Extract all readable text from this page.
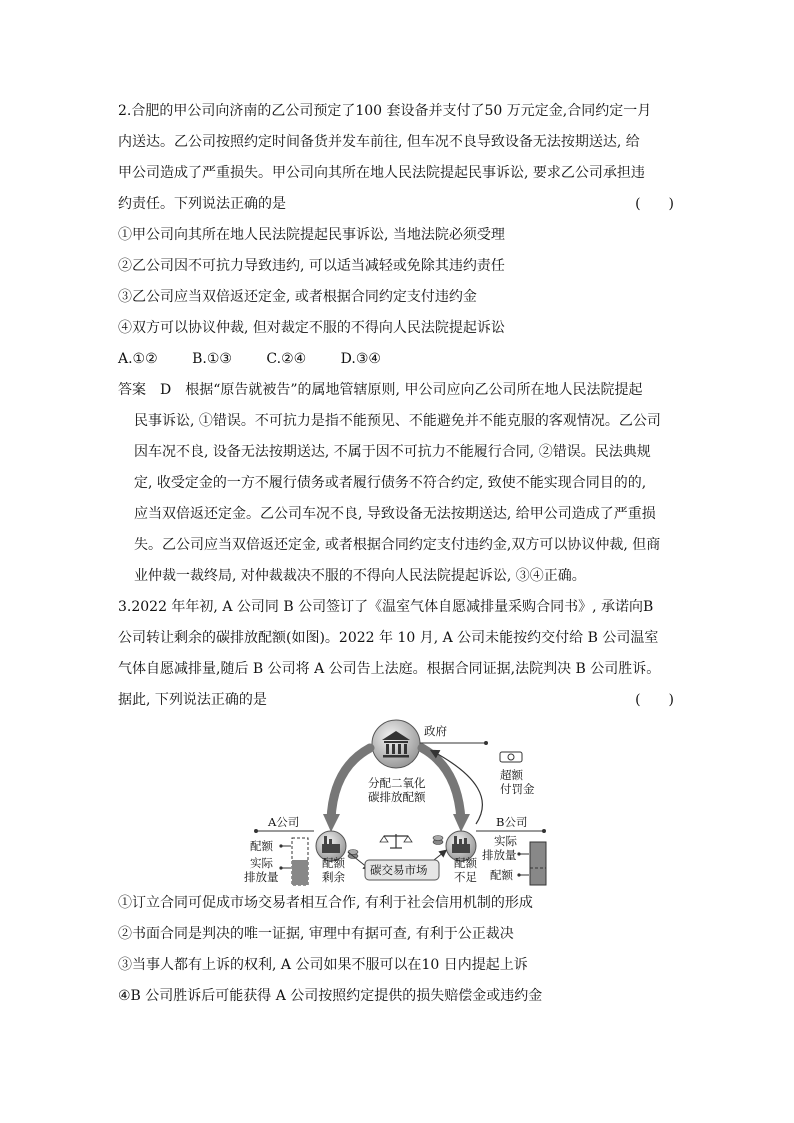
2.合肥的甲公司向济南的乙公司预定了100 套设备并支付了50 万元定金,合同约定一月
内送达。乙公司按照约定时间备货并发车前往, 但车况不良导致设备无法按期送达, 给
甲公司造成了严重损失。甲公司向其所在地人民法院提起民事诉讼, 要求乙公司承担违
约责任。下列说法正确的是	(　　)
①甲公司向其所在地人民法院提起民事诉讼, 当地法院必须受理
②乙公司因不可抗力导致违约, 可以适当减轻或免除其违约责任
③乙公司应当双倍返还定金, 或者根据合同约定支付违约金
④双方可以协议仲裁, 但对裁定不服的不得向人民法院提起诉讼
A.①② B.①③ C.②④ D.③④
答案 D	根据“原告就被告”的属地管辖原则, 甲公司应向乙公司所在地人民法院提起
民事诉讼, ①错误。不可抗力是指不能预见、不能避免并不能克服的客观情况。乙公司
因车况不良, 设备无法按期送达, 不属于因不可抗力不能履行合同, ②错误。民法典规
定, 收受定金的一方不履行债务或者履行债务不符合约定, 致使不能实现合同目的的,
应当双倍返还定金。乙公司车况不良, 导致设备无法按期送达, 给甲公司造成了严重损
失。乙公司应当双倍返还定金, 或者根据合同约定支付违约金,双方可以协议仲裁, 但商
业仲裁一裁终局, 对仲裁裁决不服的不得向人民法院提起诉讼, ③④正确。
3.2022 年年初, A 公司同 B 公司签订了《温室气体自愿减排量采购合同书》, 承诺向B
公司转让剩余的碳排放配额(如图)。2022 年 10 月, A 公司未能按约交付给 B 公司温室
气体自愿减排量,随后 B 公司将 A 公司告上法庭。根据合同证据,法院判决 B 公司胜诉。
据此, 下列说法正确的是	(　　)
政府
分配二氧化
碳排放配额
超额
付罚金
A公司	B公司
配额
实际
排放量
配额
剩余 碳交易市场 配额
不足
实际
排放量
配额
①订立合同可促成市场交易者相互合作, 有利于社会信用机制的形成
②书面合同是判决的唯一证据, 审理中有据可查, 有利于公正裁决
③当事人都有上诉的权利, A 公司如果不服可以在10 日内提起上诉
④B 公司胜诉后可能获得 A 公司按照约定提供的损失赔偿金或违约金
